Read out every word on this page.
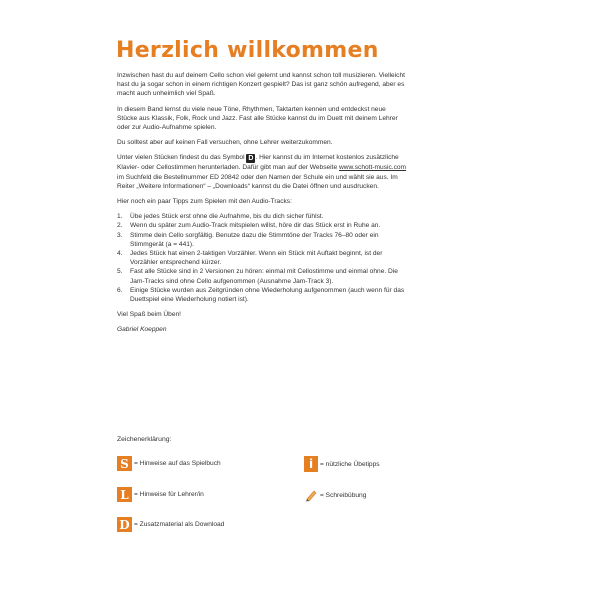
Herzlich willkommen

Inzwischen hast du auf deinem Cello schon viel gelernt und kannst schon toll musizieren. Vielleicht hast du ja sogar schon in einem richtigen Konzert gespielt? Das ist ganz schön aufregend, aber es macht auch unheimlich viel Spaß.

In diesem Band lernst du viele neue Töne, Rhythmen, Taktarten kennen und entdeckst neue Stücke aus Klassik, Folk, Rock und Jazz. Fast alle Stücke kannst du im Duett mit deinem Lehrer oder zur Audio-Aufnahme spielen.

Du solltest aber auf keinen Fall versuchen, ohne Lehrer weiterzukommen.

Unter vielen Stücken findest du das Symbol D . Hier kannst du im Internet kostenlos zusätzliche Klavier- oder Cellostimmen herunterladen. Dafür gibt man auf der Webseite www.schott-music.com im Suchfeld die Bestellnummer ED 20842 oder den Namen der Schule ein und wählt sie aus. Im Reiter „Weitere Informationen“ – „Downloads“ kannst du die Datei öffnen und ausdrucken.

Hier noch ein paar Tipps zum Spielen mit den Audio-Tracks:

1. Übe jedes Stück erst ohne die Aufnahme, bis du dich sicher fühlst.
2. Wenn du später zum Audio-Track mitspielen willst, höre dir das Stück erst in Ruhe an.
3. Stimme dein Cello sorgfältig. Benutze dazu die Stimmtöne der Tracks 76–80 oder ein Stimmgerät (a = 441).
4. Jedes Stück hat einen 2-taktigen Vorzähler. Wenn ein Stück mit Auftakt beginnt, ist der Vorzähler entsprechend kürzer.
5. Fast alle Stücke sind in 2 Versionen zu hören: einmal mit Cellostimme und einmal ohne. Die Jam-Tracks sind ohne Cello aufgenommen (Ausnahme Jam-Track 3).
6. Einige Stücke wurden aus Zeitgründen ohne Wiederholung aufgenommen (auch wenn für das Duettspiel eine Wiederholung notiert ist).

Viel Spaß beim Üben!

Gabriel Koeppen

Zeichenerklärung:
S = Hinweise auf das Spielbuch	i	= nützliche Übetipps
L = Hinweise für Lehrer/in	= Schreibübung
D = Zusatzmaterial als Download
